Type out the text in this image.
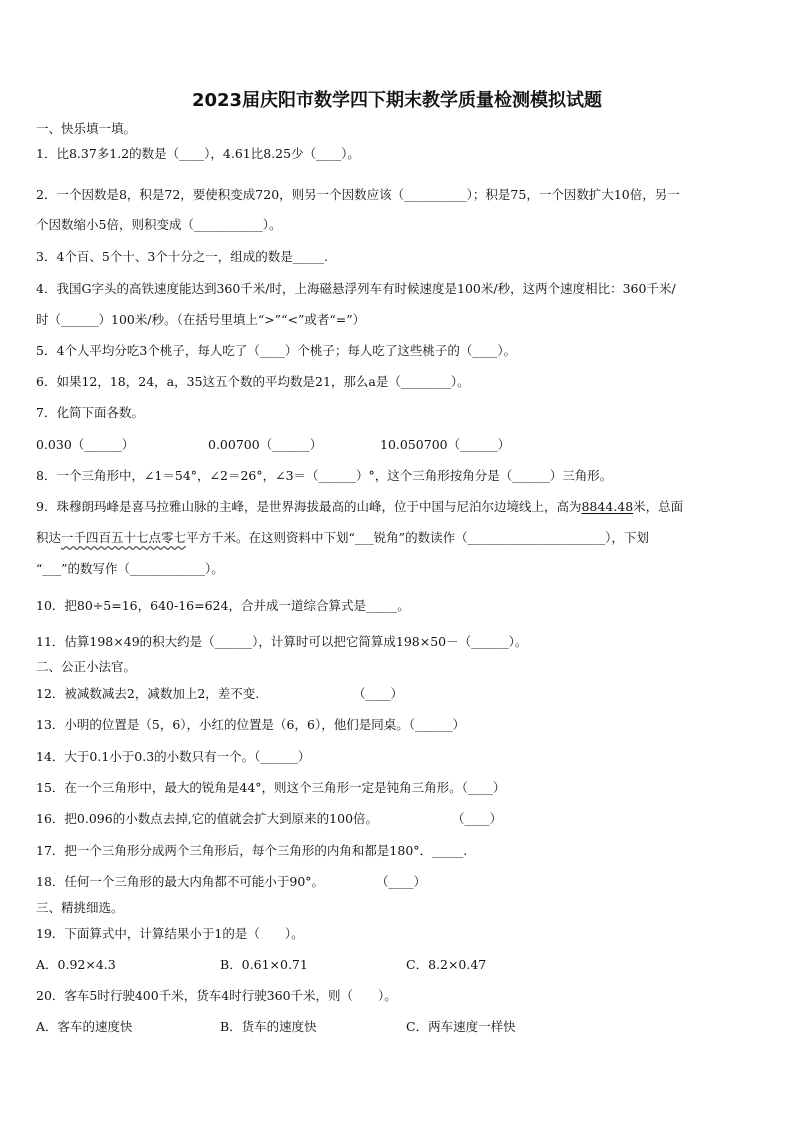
2023届庆阳市数学四下期末教学质量检测模拟试题
一、快乐填一填。
1．比8.37多1.2的数是（____），4.61比8.25少（____）。
2．一个因数是8，积是72，要使积变成720，则另一个因数应该（__________）；积是75，一个因数扩大10倍，另一
个因数缩小5倍，则积变成（___________）。
3．4个百、5个十、3个十分之一，组成的数是_____.
4．我国G字头的高铁速度能达到360千米/时，上海磁悬浮列车有时候速度是100米/秒，这两个速度相比：360千米/
时（______）100米/秒。（在括号里填上“>”“<”或者“=”）
5．4个人平均分吃3个桃子，每人吃了（____）个桃子；每人吃了这些桃子的（____）。
6．如果12，18，24，a，35这五个数的平均数是21，那么a是（________）。
7．化简下面各数。
0.030（______）	0.00700（______）	10.050700（______）
8．一个三角形中，∠1＝54°，∠2＝26°，∠3＝（______）°，这个三角形按角分是（______）三角形。
9．珠穆朗玛峰是喜马拉雅山脉的主峰，是世界海拔最高的山峰，位于中国与尼泊尔边境线上，高为8844.48米，总面
积达一千四百五十七点零七平方千米。在这则资料中下划“___锐角”的数读作（______________________），下划
“___”的数写作（____________）。
10．把80÷5=16，640-16=624，合并成一道综合算式是_____。
11．估算198×49的积大约是（______），计算时可以把它简算成198×50－（______）。
二、公正小法官。
12．被减数减去2，减数加上2，差不变.	（____）
13．小明的位置是（5，6），小红的位置是（6，6），他们是同桌。（______）
14．大于0.1小于0.3的小数只有一个。（______）
15．在一个三角形中，最大的锐角是44°，则这个三角形一定是钝角三角形。（____）
16．把0.096的小数点去掉,它的值就会扩大到原来的100倍。	（____）
17．把一个三角形分成两个三角形后，每个三角形的内角和都是180°．_____.
18．任何一个三角形的最大内角都不可能小于90°。	（____）
三、精挑细选。
19．下面算式中，计算结果小于1的是（　　）。
A．0.92×4.3	B．0.61×0.71	C．8.2×0.47
20．客车5时行驶400千米，货车4时行驶360千米，则（　　）。
A．客车的速度快	B．货车的速度快	C．两车速度一样快
